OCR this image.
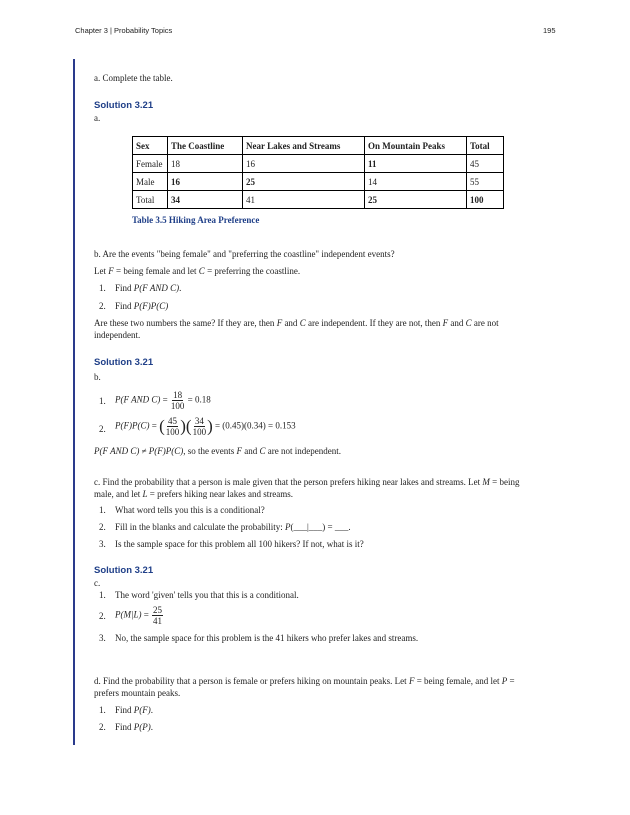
Chapter 3 | Probability Topics	195

a. Complete the table.

Solution 3.21

a.

Sex	The Coastline	Near Lakes and Streams	On Mountain Peaks	Total
Female	18	16	11	45
Male	16	25	14	55
Total	34	41	25	100

Table 3.5 Hiking Area Preference

b. Are the events "being female" and "preferring the coastline" independent events?

Let F = being female and let C = preferring the coastline.

1. Find P(F AND C).
2. Find P(F)P(C)

Are these two numbers the same? If they are, then F and C are independent. If they are not, then F and C are not independent.

Solution 3.21

b.

1. P(F AND $C) = \frac{18}{100} = 0.18$
2. P(F)P(C) = ( $\frac{45}{100}$ )( $\frac{34}{100}$ ) = (0.45)(0.34) = 0.153

P(F AND C) ≠ P(F)P(C), so the events F and C are not independent.

c. Find the probability that a person is male given that the person prefers hiking near lakes and streams. Let M = being male, and let L = prefers hiking near lakes and streams.

1. What word tells you this is a conditional?
2. Fill in the blanks and calculate the probability: P(___|___) = ___.
3. Is the sample space for this problem all 100 hikers? If not, what is it?

Solution 3.21

c.

1. The word 'given' tells you that this is a conditional.
2. $P(M|L) = \frac{25}{41}$
3. No, the sample space for this problem is the 41 hikers who prefer lakes and streams.

d. Find the probability that a person is female or prefers hiking on mountain peaks. Let F = being female, and let P = prefers mountain peaks.

1. Find P(F).
2. Find P(P).
